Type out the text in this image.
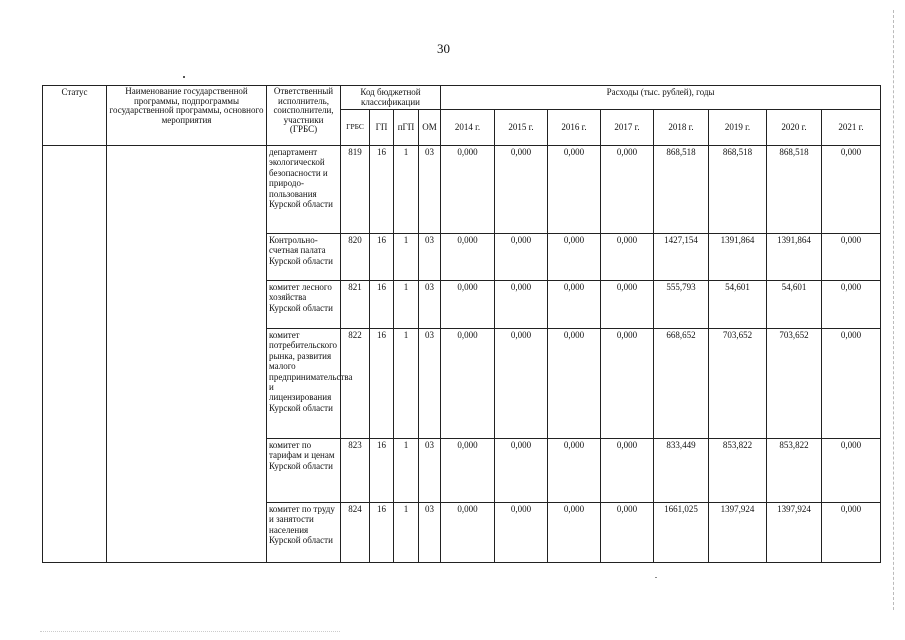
30
Статус	Наименование государственной программы, подпрограммы государственной программы, основного мероприятия	Ответственный исполнитель, соисполнители, участники (ГРБС)	Код бюджетной классификации				Расходы (тыс. рублей), годы							
			ГРБС	ГП	пГП	ОМ	2014 г.	2015 г.	2016 г.	2017 г.	2018 г.	2019 г.	2020 г.	2021 г.
		департамент экологической безопасности и природо-пользования Курской области	819	16	1	03	0,000	0,000	0,000	0,000	868,518	868,518	868,518	0,000
		Контрольно-счетная палата Курской области	820	16	1	03	0,000	0,000	0,000	0,000	1427,154	1391,864	1391,864	0,000
		комитет лесного хозяйства Курской области	821	16	1	03	0,000	0,000	0,000	0,000	555,793	54,601	54,601	0,000
		комитет потребительского рынка, развития малого предпринимательства и лицензирования Курской области	822	16	1	03	0,000	0,000	0,000	0,000	668,652	703,652	703,652	0,000
		комитет по тарифам и ценам Курской области	823	16	1	03	0,000	0,000	0,000	0,000	833,449	853,822	853,822	0,000
		комитет по труду и занятости населения Курской области	824	16	1	03	0,000	0,000	0,000	0,000	1661,025	1397,924	1397,924	0,000
